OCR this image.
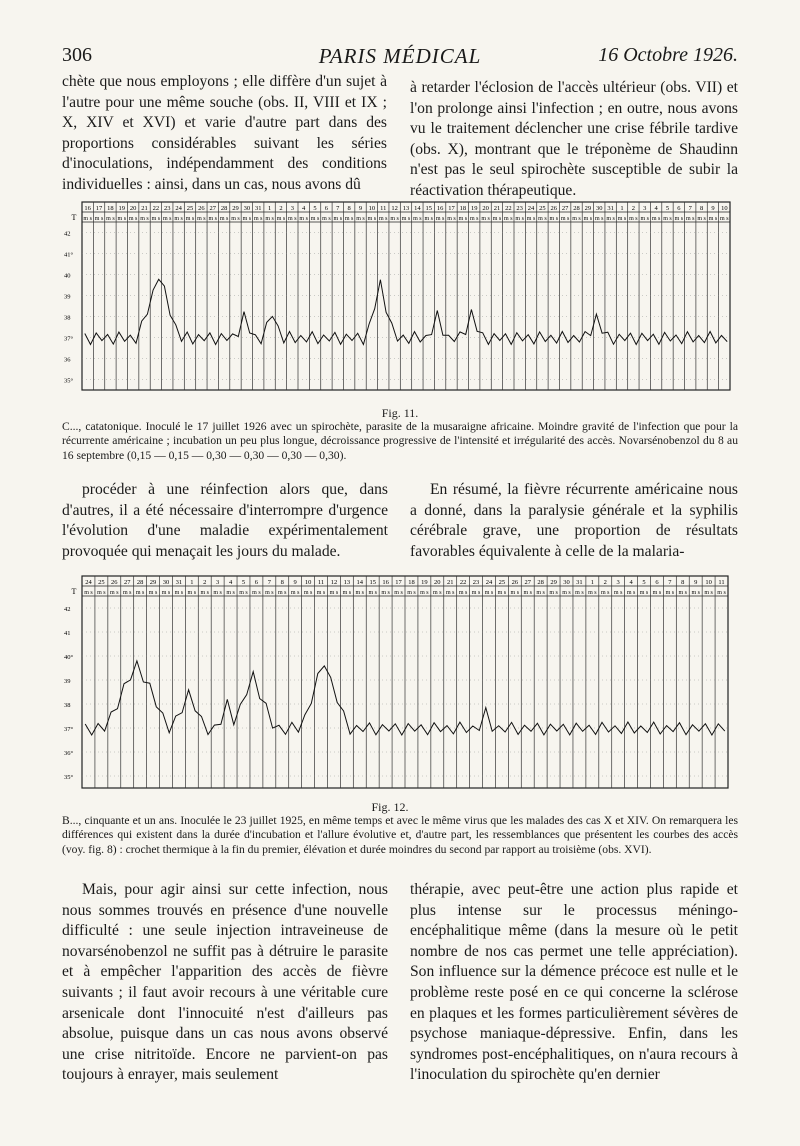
306	PARIS MÉDICAL	16 Octobre 1926.

chète que nous employons ; elle diffère d'un sujet à l'autre pour une même souche (obs. II, VIII et IX ; X, XIV et XVI) et varie d'autre part dans des proportions considérables suivant les séries d'inoculations, indépendamment des conditions individuelles : ainsi, dans un cas, nous avons dû

à retarder l'éclosion de l'accès ultérieur (obs. VII) et l'on prolonge ainsi l'infection ; en outre, nous avons vu le traitement déclencher une crise fébrile tardive (obs. X), montrant que le tréponème de Shaudinn n'est pas le seul spirochète susceptible de subir la réactivation thérapeutique.

T
16
m s
17
m s
18
m s
19
m s
20
m s
21
m s
22
m s
23
m s
24
m s
25
m s
26
m s
27
m s
28
m s
29
m s
30
m s
31
m s
1
m s
2
m s
3
m s
4
m s
5
m s
6
m s
7
m s
8
m s
9
m s
10
m s
11
m s
12
m s
13
m s
14
m s
15
m s
16
m s
17
m s
18
m s
19
m s
20
m s
21
m s
22
m s
23
m s
24
m s
25
m s
26
m s
27
m s
28
m s
29
m s
30
m s
31
m s
1
m s
2
m s
3
m s
4
m s
5
m s
6
m s
7
m s
8
m s
9
m s
10
m s
42
41°
40
39
38
37°
36
35°
Fig. 11.
C..., catatonique. Inoculé le 17 juillet 1926 avec un spirochète, parasite de la musaraigne africaine. Moindre gravité de l'infection que pour la récurrente américaine ; incubation un peu plus longue, décroissance progressive de l'intensité et irrégularité des accès. Novarsénobenzol du 8 au 16 septembre (0,15 — 0,15 — 0,30 — 0,30 — 0,30 — 0,30).

procéder à une réinfection alors que, dans d'autres, il a été nécessaire d'interrompre d'urgence l'évolution d'une maladie expérimentalement provoquée qui menaçait les jours du malade.

En résumé, la fièvre récurrente américaine nous a donné, dans la paralysie générale et la syphilis cérébrale grave, une proportion de résultats favorables équivalente à celle de la malaria-

T
24
m s
25
m s
26
m s
27
m s
28
m s
29
m s
30
m s
31
m s
1
m s
2
m s
3
m s
4
m s
5
m s
6
m s
7
m s
8
m s
9
m s
10
m s
11
m s
12
m s
13
m s
14
m s
15
m s
16
m s
17
m s
18
m s
19
m s
20
m s
21
m s
22
m s
23
m s
24
m s
25
m s
26
m s
27
m s
28
m s
29
m s
30
m s
31
m s
1
m s
2
m s
3
m s
4
m s
5
m s
6
m s
7
m s
8
m s
9
m s
10
m s
11
m s
42
41
40°
39
38
37°
36°
35°
Fig. 12.
B..., cinquante et un ans. Inoculée le 23 juillet 1925, en même temps et avec le même virus que les malades des cas X et XIV. On remarquera les différences qui existent dans la durée d'incubation et l'allure évolutive et, d'autre part, les ressemblances que présentent les courbes des accès (voy. fig. 8) : crochet thermique à la fin du premier, élévation et durée moindres du second par rapport au troisième (obs. XVI).

Mais, pour agir ainsi sur cette infection, nous nous sommes trouvés en présence d'une nouvelle difficulté : une seule injection intraveineuse de novarsénobenzol ne suffit pas à détruire le parasite et à empêcher l'apparition des accès de fièvre suivants ; il faut avoir recours à une véritable cure arsenicale dont l'innocuité n'est d'ailleurs pas absolue, puisque dans un cas nous avons observé une crise nitritoïde. Encore ne parvient-on pas toujours à enrayer, mais seulement

thérapie, avec peut-être une action plus rapide et plus intense sur le processus méningo-encéphalitique même (dans la mesure où le petit nombre de nos cas permet une telle appréciation). Son influence sur la démence précoce est nulle et le problème reste posé en ce qui concerne la sclérose en plaques et les formes particulièrement sévères de psychose maniaque-dépressive. Enfin, dans les syndromes post-encéphalitiques, on n'aura recours à l'inoculation du spirochète qu'en dernier
